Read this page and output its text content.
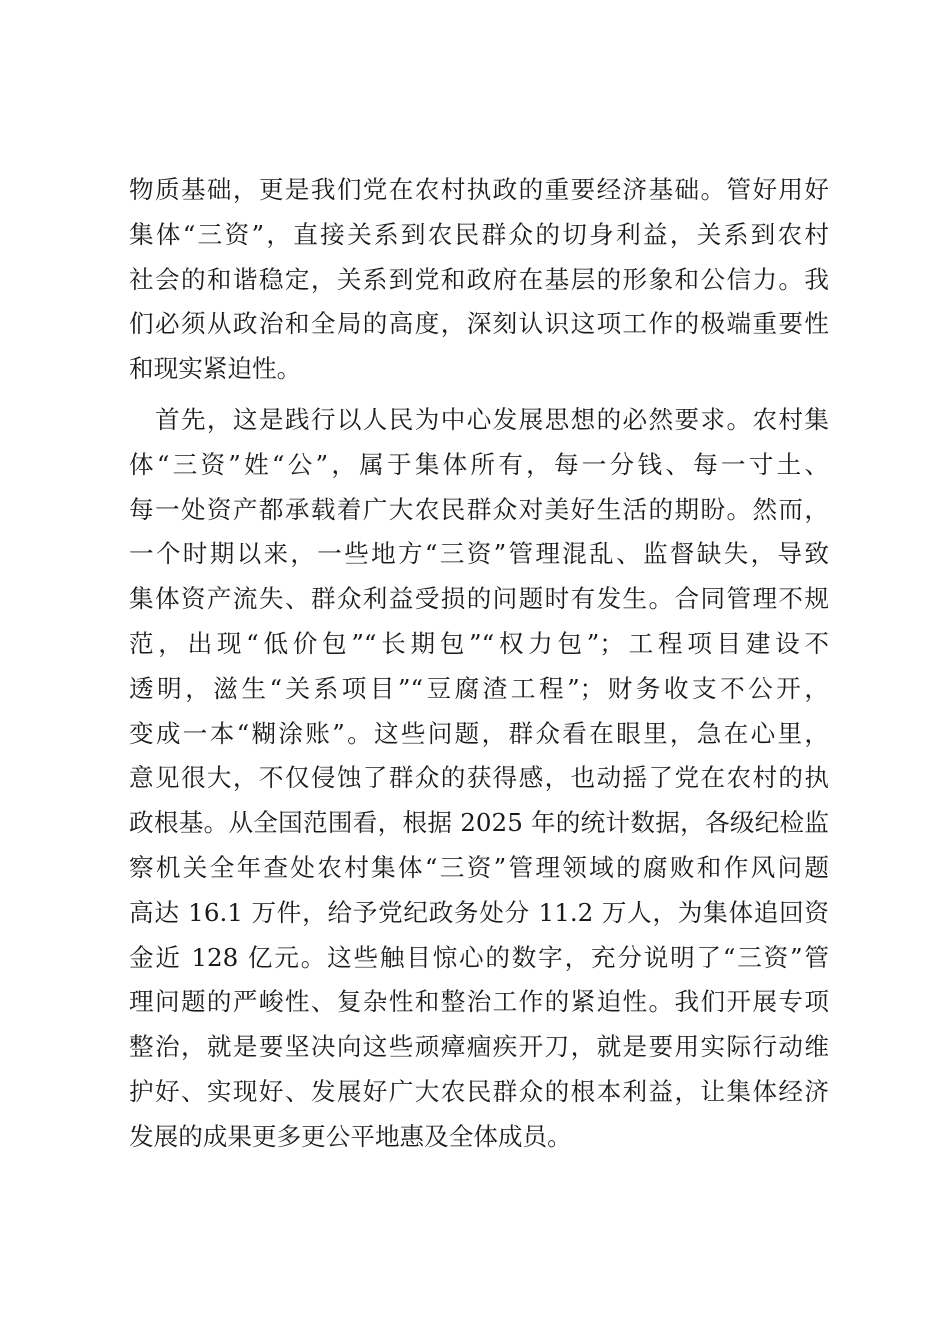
物质基础，更是我们党在农村执政的重要经济基础。管好用好
集体“三资”，直接关系到农民群众的切身利益，关系到农村
社会的和谐稳定，关系到党和政府在基层的形象和公信力。我
们必须从政治和全局的高度，深刻认识这项工作的极端重要性
和现实紧迫性。
　首先，这是践行以人民为中心发展思想的必然要求。农村集
体“三资”姓“公”，属于集体所有，每一分钱、每一寸土、
每一处资产都承载着广大农民群众对美好生活的期盼。然而，
一个时期以来，一些地方“三资”管理混乱、监督缺失，导致
集体资产流失、群众利益受损的问题时有发生。合同管理不规
范，出现“低价包”“长期包”“权力包”；工程项目建设不
透明，滋生“关系项目”“豆腐渣工程”；财务收支不公开，
变成一本“糊涂账”。这些问题，群众看在眼里，急在心里，
意见很大，不仅侵蚀了群众的获得感，也动摇了党在农村的执
政根基。从全国范围看，根据 2025 年的统计数据，各级纪检监
察机关全年查处农村集体“三资”管理领域的腐败和作风问题
高达 16.1 万件，给予党纪政务处分 11.2 万人，为集体追回资
金近 128 亿元。这些触目惊心的数字，充分说明了“三资”管
理问题的严峻性、复杂性和整治工作的紧迫性。我们开展专项
整治，就是要坚决向这些顽瘴痼疾开刀，就是要用实际行动维
护好、实现好、发展好广大农民群众的根本利益，让集体经济
发展的成果更多更公平地惠及全体成员。
